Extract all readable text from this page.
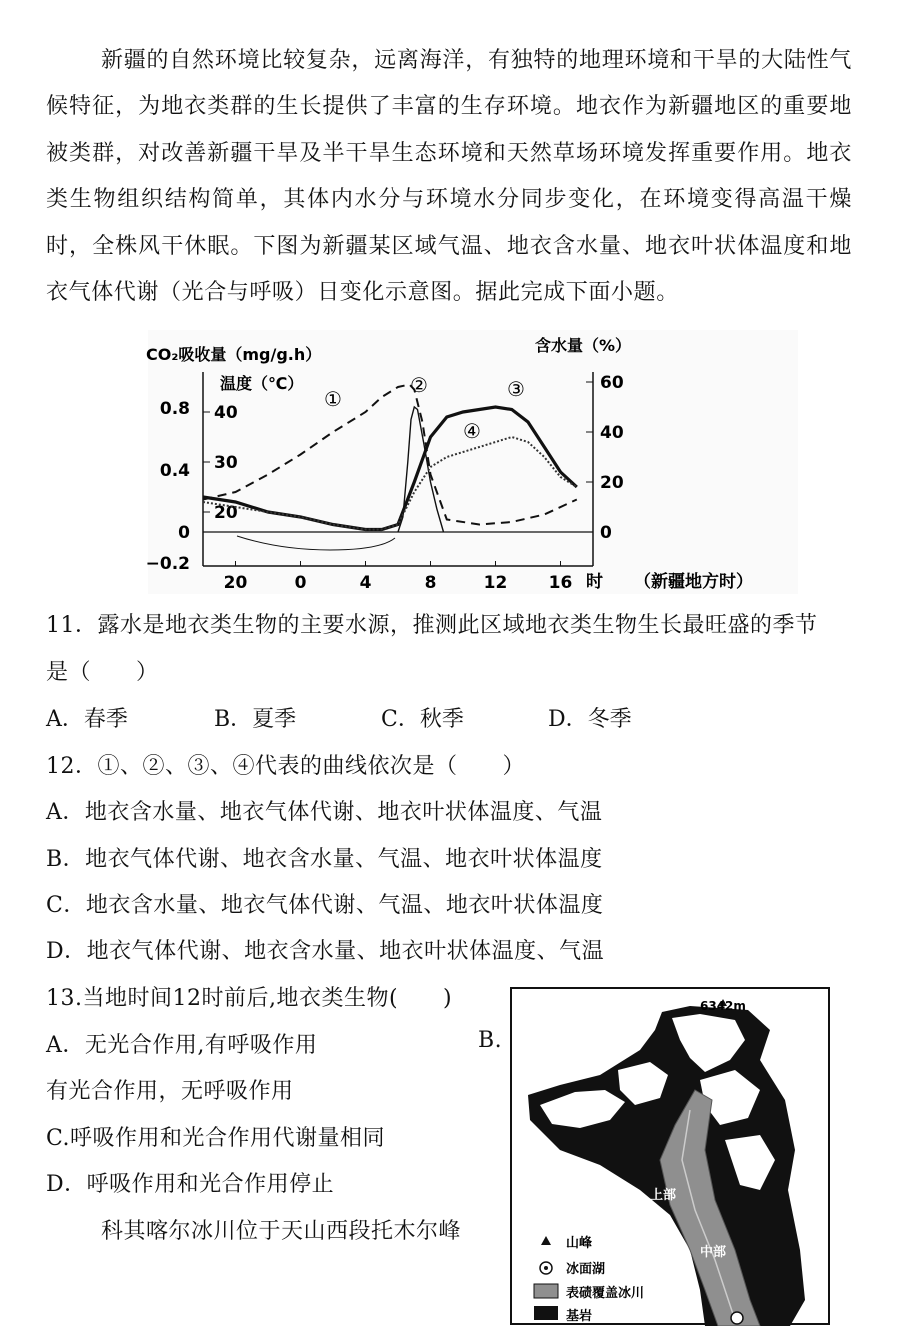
新疆的自然环境比较复杂，远离海洋，有独特的地理环境和干旱的大陆性气候特征，为地衣类群的生长提供了丰富的生存环境。地衣作为新疆地区的重要地被类群，对改善新疆干旱及半干旱生态环境和天然草场环境发挥重要作用。地衣类生物组织结构简单，其体内水分与环境水分同步变化，在环境变得高温干燥时，全株风干休眠。下图为新疆某区域气温、地衣含水量、地衣叶状体温度和地衣气体代谢（光合与呼吸）日变化示意图。据此完成下面小题。

CO₂吸收量（mg/g.h）
温度（℃）
含水量（%）
时 （新疆地方时）
20	0	4	8	12 16
0.8
0.4
0
−0.2
40
30
20
60
40
20
0
①
②	③
④
11．露水是地衣类生物的主要水源，推测此区域地衣类生物生长最旺盛的季节
是（　　）
A．春季	B．夏季	C．秋季	D．冬季
12．①、②、③、④代表的曲线依次是（　　）
A．地衣含水量、地衣气体代谢、地衣叶状体温度、气温
B．地衣气体代谢、地衣含水量、气温、地衣叶状体温度
C．地衣含水量、地衣气体代谢、气温、地衣叶状体温度
D．地衣气体代谢、地衣含水量、地衣叶状体温度、气温
13.当地时间12时前后,地衣类生物(　　)
A．无光合作用,有呼吸作用	B.
有光合作用，无呼吸作用
C.呼吸作用和光合作用代谢量相同
D．呼吸作用和光合作用停止
科其喀尔冰川位于天山西段托木尔峰
6342m
上部
中部
山峰
冰面湖
表碛覆盖冰川
基岩
